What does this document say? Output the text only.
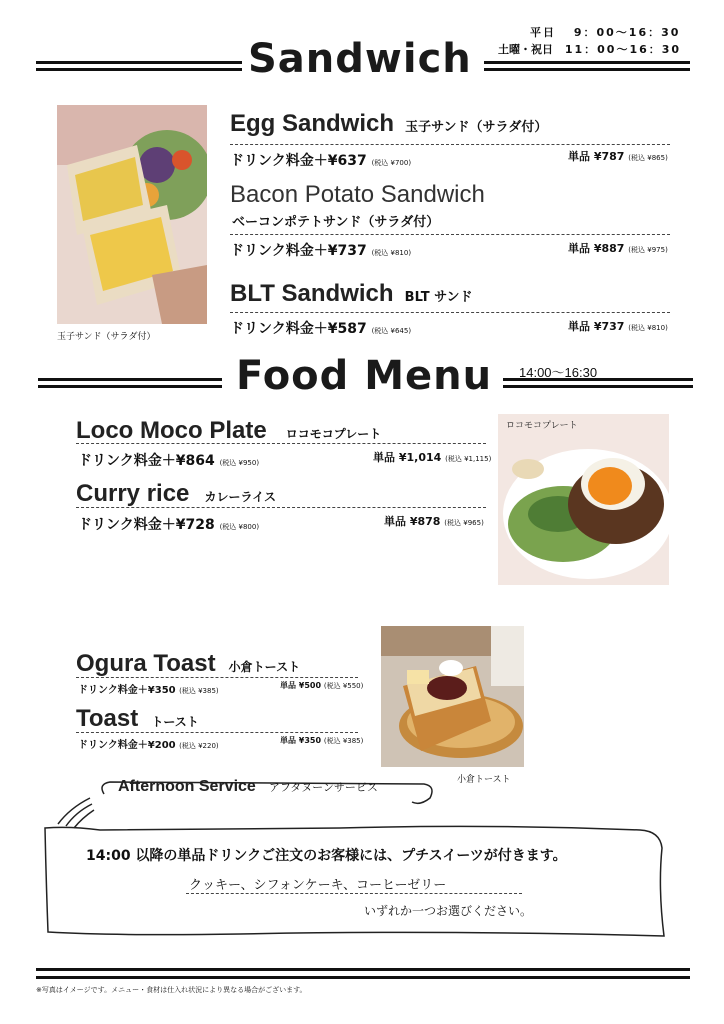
平日 9：00〜16：30
土曜・祝日 11：00〜16：30
Sandwich
玉子サンド（サラダ付）
Egg Sandwich 玉子サンド（サラダ付）
ドリンク料金＋¥637 (税込 ¥700)	単品 ¥787 (税込 ¥865)
Bacon Potato Sandwich
ベーコンポテトサンド（サラダ付）
ドリンク料金＋¥737 (税込 ¥810)	単品 ¥887 (税込 ¥975)
BLT Sandwich BLT サンド
ドリンク料金＋¥587 (税込 ¥645)	単品 ¥737 (税込 ¥810)
Food Menu 14:00〜16:30
Loco Moco Plate ロコモコプレート
ドリンク料金＋¥864 (税込 ¥950)	単品 ¥1,014 (税込 ¥1,115)
Curry rice カレーライス
ドリンク料金＋¥728 (税込 ¥800)	単品 ¥878 (税込 ¥965)
ロコモコプレート
Ogura Toast 小倉トースト
ドリンク料金＋¥350 (税込 ¥385)
単品 ¥500 (税込 ¥550)
Toast トースト
ドリンク料金＋¥200 (税込 ¥220)
単品 ¥350 (税込 ¥385)
小倉トースト
Afternoon Service アフタヌーンサービス
14:00 以降の単品ドリンクご注文のお客様には、プチスイーツが付きます。
クッキー、シフォンケーキ、コーヒーゼリー
いずれか一つお選びください。
※写真はイメージです。メニュー・食材は仕入れ状況により異なる場合がございます。
